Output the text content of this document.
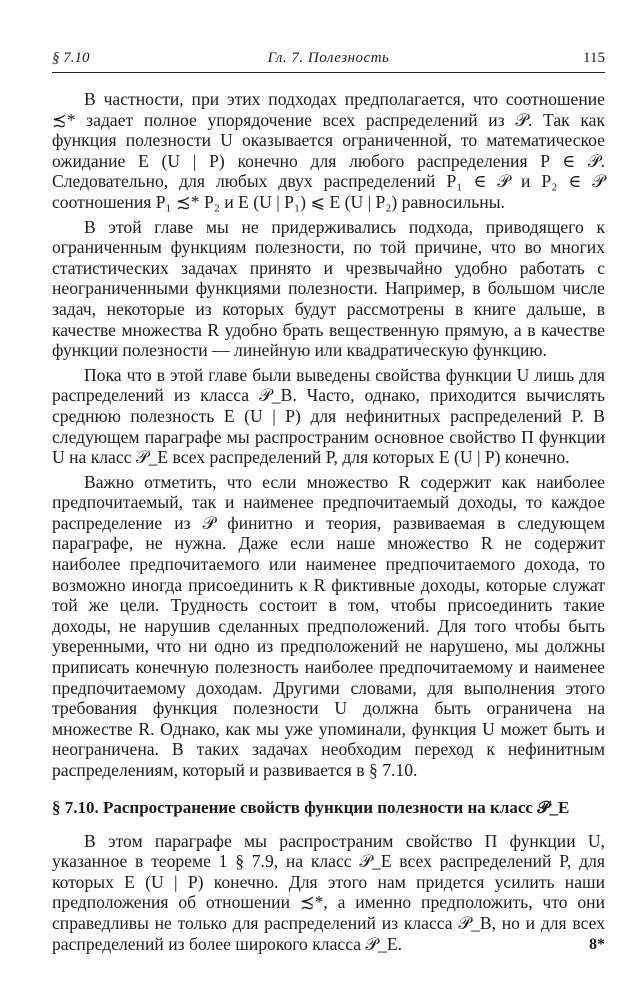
§ 7.10	Гл. 7. Полезность	115

В частности, при этих подходах предполагается, что соотношение ≾* задает полное упорядочение всех распределений из 𝒫. Так как функция полезности U оказывается ограниченной, то математическое ожидание E (U | P) конечно для любого распределения P ∈ 𝒫. Следовательно, для любых двух распределений P₁ ∈ 𝒫 и P₂ ∈ 𝒫 соотношения P₁ ≾* P₂ и E (U | P₁) ⩽ E (U | P₂) равносильны.

В этой главе мы не придерживались подхода, приводящего к ограниченным функциям полезности, по той причине, что во многих статистических задачах принято и чрезвычайно удобно работать с неограниченными функциями полезности. Например, в большом числе задач, некоторые из которых будут рассмотрены в книге дальше, в качестве множества R удобно брать вещественную прямую, а в качестве функции полезности — линейную или квадратическую функцию.

Пока что в этой главе были выведены свойства функции U лишь для распределений из класса 𝒫_B. Часто, однако, приходится вычислять среднюю полезность E (U | P) для нефинитных распределений P. В следующем параграфе мы распространим основное свойство П функции U на класс 𝒫_E всех распределений P, для которых E (U | P) конечно.

Важно отметить, что если множество R содержит как наиболее предпочитаемый, так и наименее предпочитаемый доходы, то каждое распределение из 𝒫 финитно и теория, развиваемая в следующем параграфе, не нужна. Даже если наше множество R не содержит наиболее предпочитаемого или наименее предпочитаемого дохода, то возможно иногда присоединить к R фиктивные доходы, которые служат той же цели. Трудность состоит в том, чтобы присоединить такие доходы, не нарушив сделанных предположений. Для того чтобы быть уверенными, что ни одно из предположений не нарушено, мы должны приписать конечную полезность наиболее предпочитаемому и наименее предпочитаемому доходам. Другими словами, для выполнения этого требования функция полезности U должна быть ограничена на множестве R. Однако, как мы уже упоминали, функция U может быть и неограничена. В таких задачах необходим переход к нефинитным распределениям, который и развивается в § 7.10.

§ 7.10. Распространение свойств функции полезности на класс 𝒫_E

В этом параграфе мы распространим свойство П функции U, указанное в теореме 1 § 7.9, на класс 𝒫_E всех распределений P, для которых E (U | P) конечно. Для этого нам придется усилить наши предположения об отношении ≾*, а именно предположить, что они справедливы не только для распределений из класса 𝒫_B, но и для всех распределений из более широкого класса 𝒫_E.	8*
